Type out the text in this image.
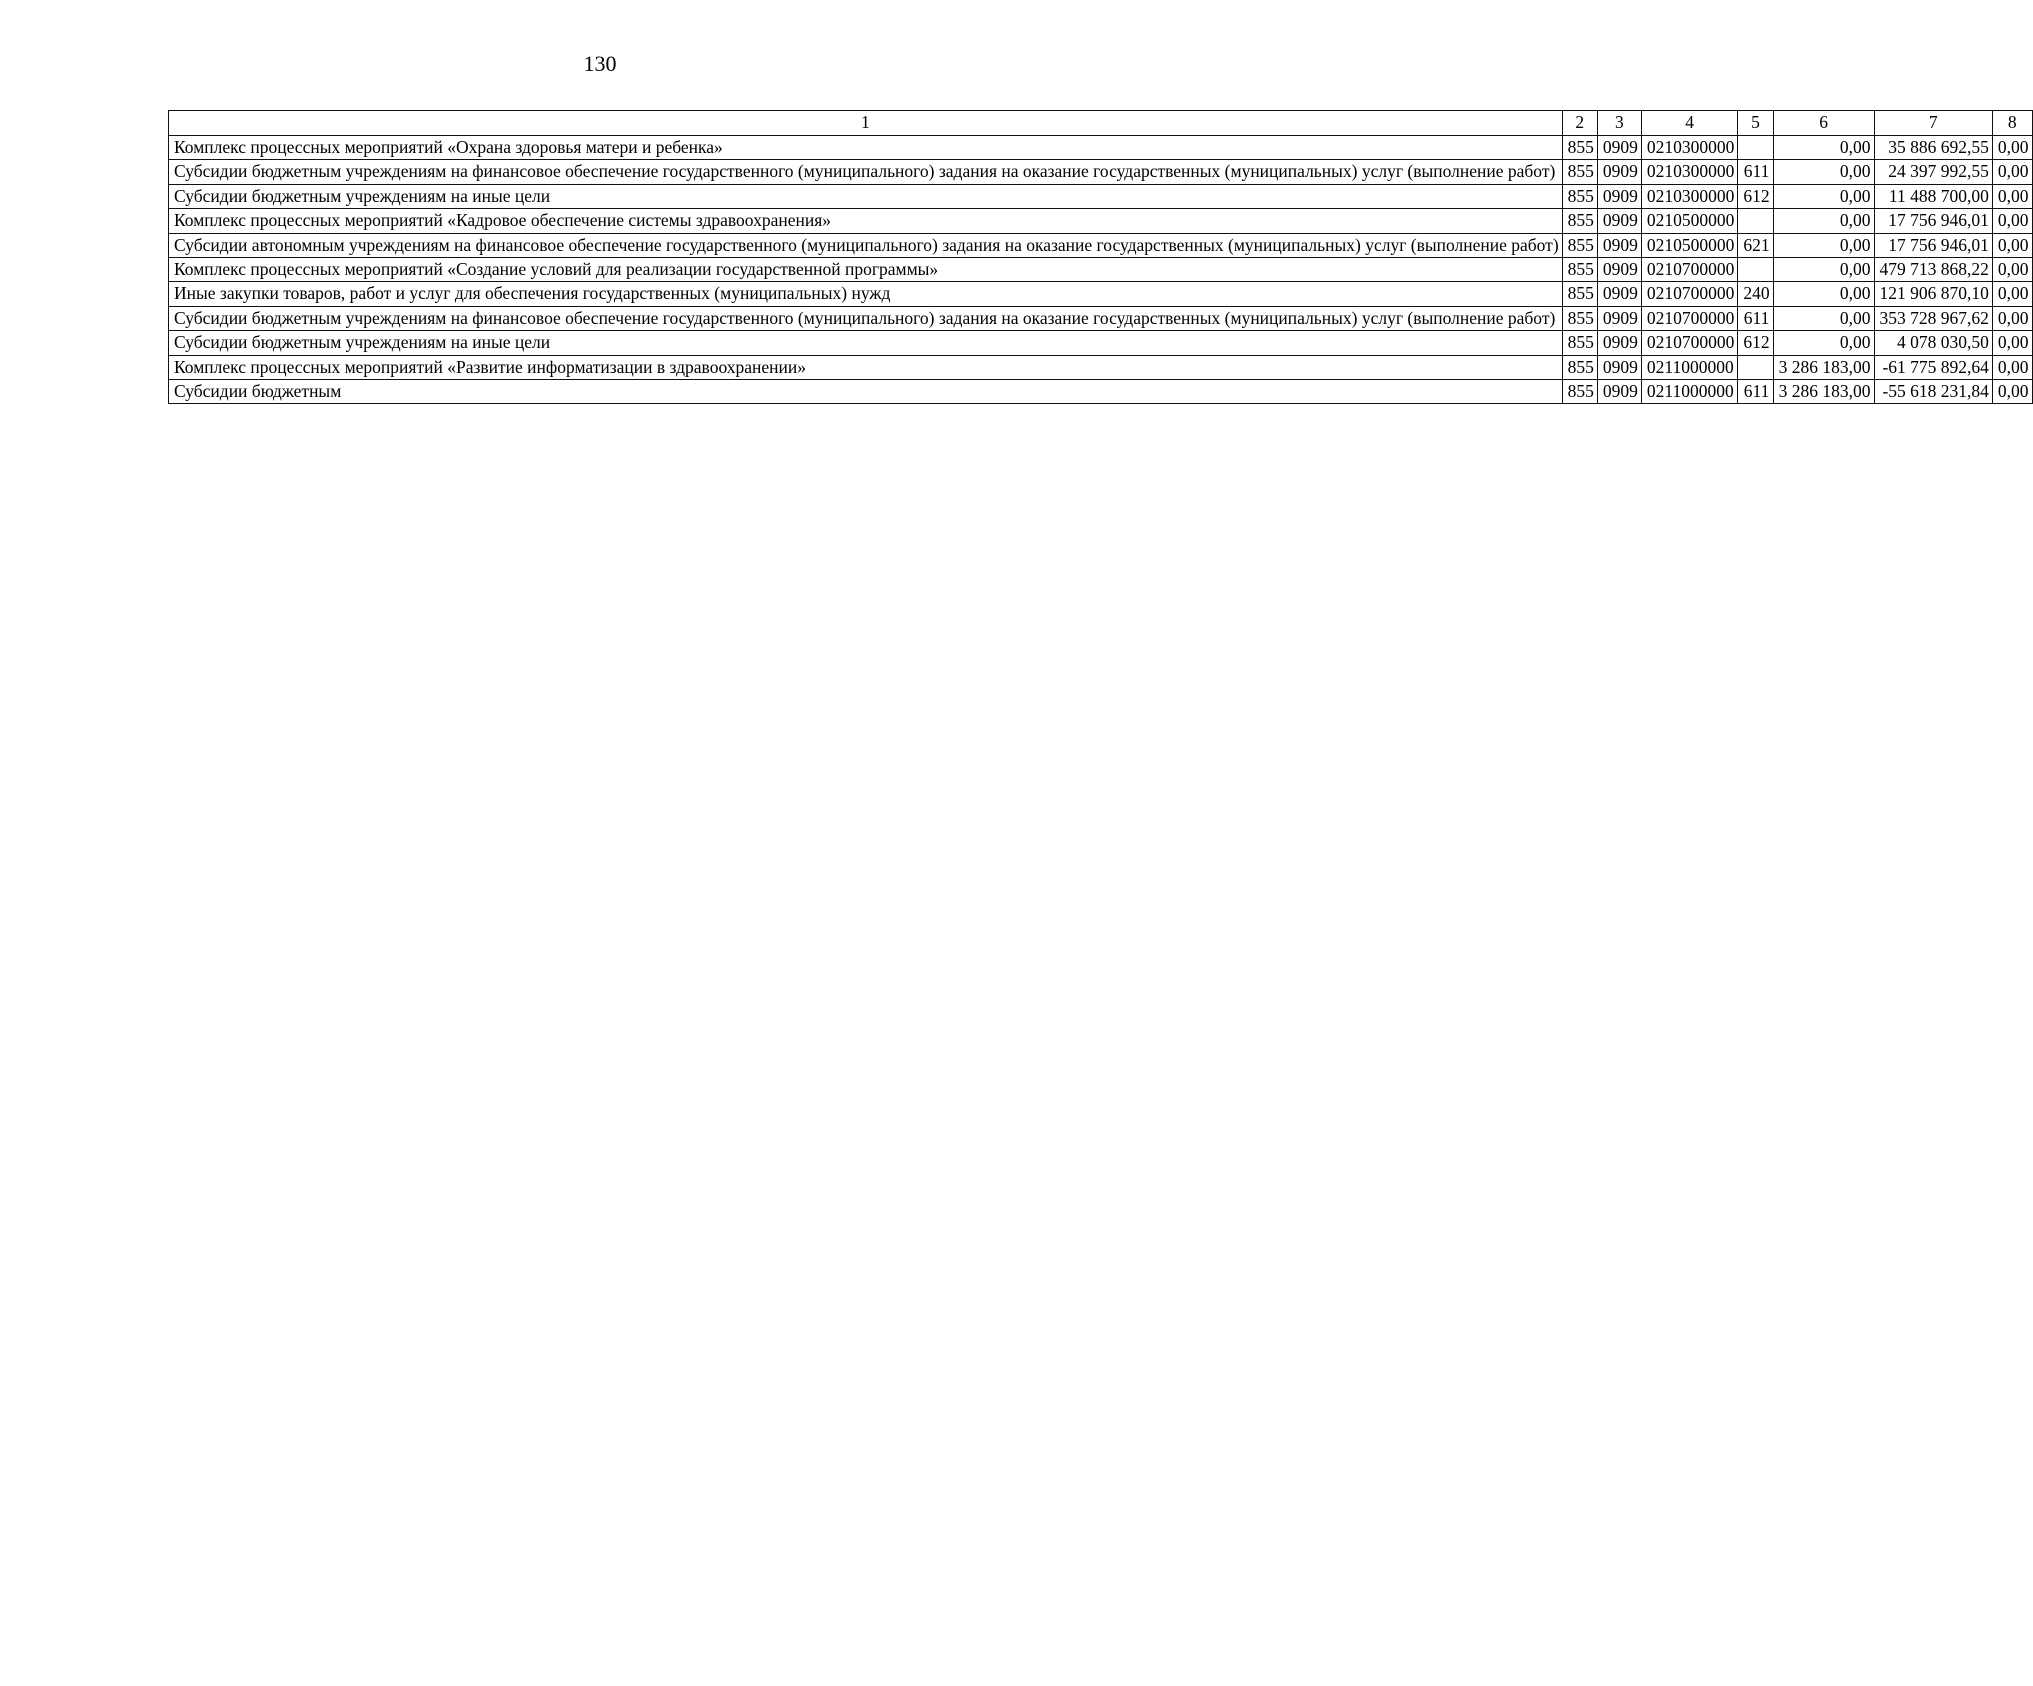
130
1	2	3	4	5	6	7	8
Комплекс процессных мероприятий «Охрана здоровья матери и ребенка»	855	0909	0210300000		0,00	35 886 692,55	0,00
Субсидии бюджетным учреждениям на финансовое обеспечение государственного (муниципального) задания на оказание государственных (муниципальных) услуг (выполнение работ)	855	0909	0210300000	611	0,00	24 397 992,55	0,00
Субсидии бюджетным учреждениям на иные цели	855	0909	0210300000	612	0,00	11 488 700,00	0,00
Комплекс процессных мероприятий «Кадровое обеспечение системы здравоохранения»	855	0909	0210500000		0,00	17 756 946,01	0,00
Субсидии автономным учреждениям на финансовое обеспечение государственного (муниципального) задания на оказание государственных (муниципальных) услуг (выполнение работ)	855	0909	0210500000	621	0,00	17 756 946,01	0,00
Комплекс процессных мероприятий «Создание условий для реализации государственной программы»	855	0909	0210700000		0,00	479 713 868,22	0,00
Иные закупки товаров, работ и услуг для обеспечения государственных (муниципальных) нужд	855	0909	0210700000	240	0,00	121 906 870,10	0,00
Субсидии бюджетным учреждениям на финансовое обеспечение государственного (муниципального) задания на оказание государственных (муниципальных) услуг (выполнение работ)	855	0909	0210700000	611	0,00	353 728 967,62	0,00
Субсидии бюджетным учреждениям на иные цели	855	0909	0210700000	612	0,00	4 078 030,50	0,00
Комплекс процессных мероприятий «Развитие информатизации в здравоохранении»	855	0909	0211000000		3 286 183,00	-61 775 892,64	0,00
Субсидии бюджетным	855	0909	0211000000	611	3 286 183,00	-55 618 231,84	0,00
